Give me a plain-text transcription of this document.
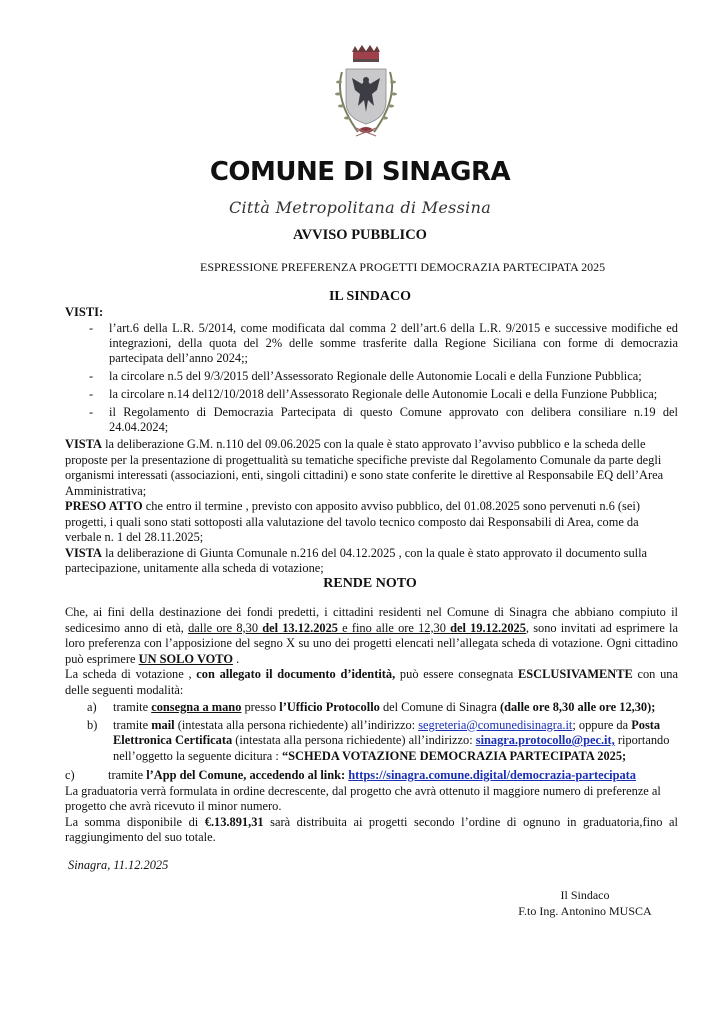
COMUNE DI SINAGRA
Città Metropolitana di Messina
AVVISO PUBBLICO
ESPRESSIONE PREFERENZA PROGETTI DEMOCRAZIA PARTECIPATA 2025
IL SINDACO
VISTI:
- l’art.6 della L.R. 5/2014, come modificata dal comma 2 dell’art.6 della L.R. 9/2015 e successive modifiche ed integrazioni, della quota del 2% delle somme trasferite dalla Regione Siciliana con forme di democrazia partecipata dell’anno 2024;;
- la circolare n.5 del 9/3/2015 dell’Assessorato Regionale delle Autonomie Locali e della Funzione Pubblica;
- la circolare n.14 del12/10/2018 dell’Assessorato Regionale delle Autonomie Locali e della Funzione Pubblica;
- il Regolamento di Democrazia Partecipata di questo Comune approvato con delibera consiliare n.19 del 24.04.2024;
VISTA la deliberazione G.M. n.110 del 09.06.2025 con la quale è stato approvato l’avviso pubblico e la scheda delle proposte per la presentazione di progettualità su tematiche specifiche previste dal Regolamento Comunale da parte degli organismi interessati (associazioni, enti, singoli cittadini) e sono state conferite le direttive al Responsabile EQ dell’Area Amministrativa;
PRESO ATTO che entro il termine , previsto con apposito avviso pubblico, del 01.08.2025 sono pervenuti n.6 (sei) progetti, i quali sono stati sottoposti alla valutazione del tavolo tecnico composto dai Responsabili di Area, come da verbale n. 1 del 28.11.2025;
VISTA la deliberazione di Giunta Comunale n.216 del 04.12.2025 , con la quale è stato approvato il documento sulla partecipazione, unitamente alla scheda di votazione;
RENDE NOTO
Che, ai fini della destinazione dei fondi predetti, i cittadini residenti nel Comune di Sinagra che abbiano compiuto il sedicesimo anno di età, dalle ore 8,30 del 13.12.2025 e fino alle ore 12,30 del 19.12.2025, sono invitati ad esprimere la loro preferenza con l’apposizione del segno X su uno dei progetti elencati nell’allegata scheda di votazione. Ogni cittadino può esprimere UN SOLO VOTO .
La scheda di votazione , con allegato il documento d’identità, può essere consegnata ESCLUSIVAMENTE con una delle seguenti modalità:
a) tramite consegna a mano presso l’Ufficio Protocollo del Comune di Sinagra (dalle ore 8,30 alle ore 12,30);
b) tramite mail (intestata alla persona richiedente) all’indirizzo: segreteria@comunedisinagra.it; oppure da Posta Elettronica Certificata (intestata alla persona richiedente) all’indirizzo: sinagra.protocollo@pec.it, riportando nell’oggetto la seguente dicitura : “SCHEDA VOTAZIONE DEMOCRAZIA PARTECIPATA 2025;
c)	tramite l’App del Comune, accedendo al link: https://sinagra.comune.digital/democrazia-partecipata
La graduatoria verrà formulata in ordine decrescente, dal progetto che avrà ottenuto il maggiore numero di preferenze al progetto che avrà ricevuto il minor numero.
La somma disponibile di €.13.891,31 sarà distribuita ai progetti secondo l’ordine di ognuno in graduatoria,fino al raggiungimento del suo totale.
Sinagra, 11.12.2025
Il Sindaco
F.to Ing. Antonino MUSCA
